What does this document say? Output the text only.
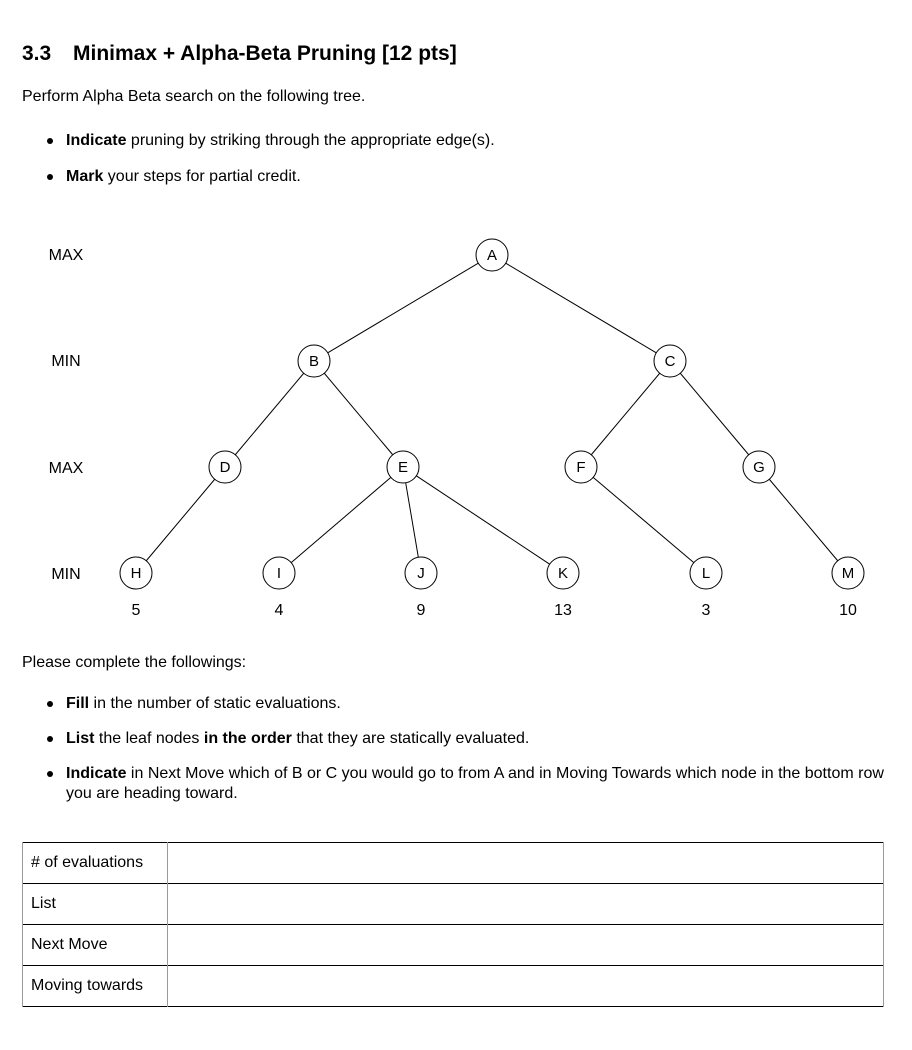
3.3 Minimax + Alpha-Beta Pruning [12 pts]
Perform Alpha Beta search on the following tree.
Indicate pruning by striking through the appropriate edge(s).
Mark your steps for partial credit.
MAX
MIN
MAX
MIN
A
B	C
D	E	F	G
H	I	J	K	L	M
5	4	9	13	3	10
Please complete the followings:
Fill in the number of static evaluations.
List the leaf nodes in the order that they are statically evaluated.
Indicate in Next Move which of B or C you would go to from A and in Moving Towards which node in the bottom row you are heading toward.
# of evaluations	
List	
Next Move	
Moving towards	
